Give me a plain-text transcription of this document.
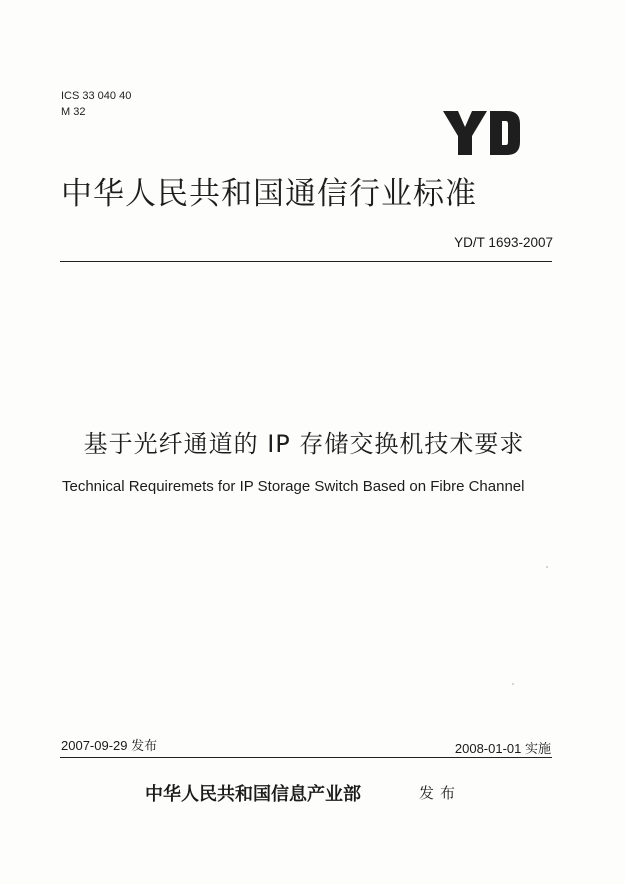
ICS 33 040 40
M 32
中华人民共和国通信行业标准
YD/T 1693-2007
基于光纤通道的 IP 存储交换机技术要求
Technical Requiremets for IP Storage Switch Based on Fibre Channel
2007-09-29 发布	2008-01-01 实施
中华人民共和国信息产业部	发布
